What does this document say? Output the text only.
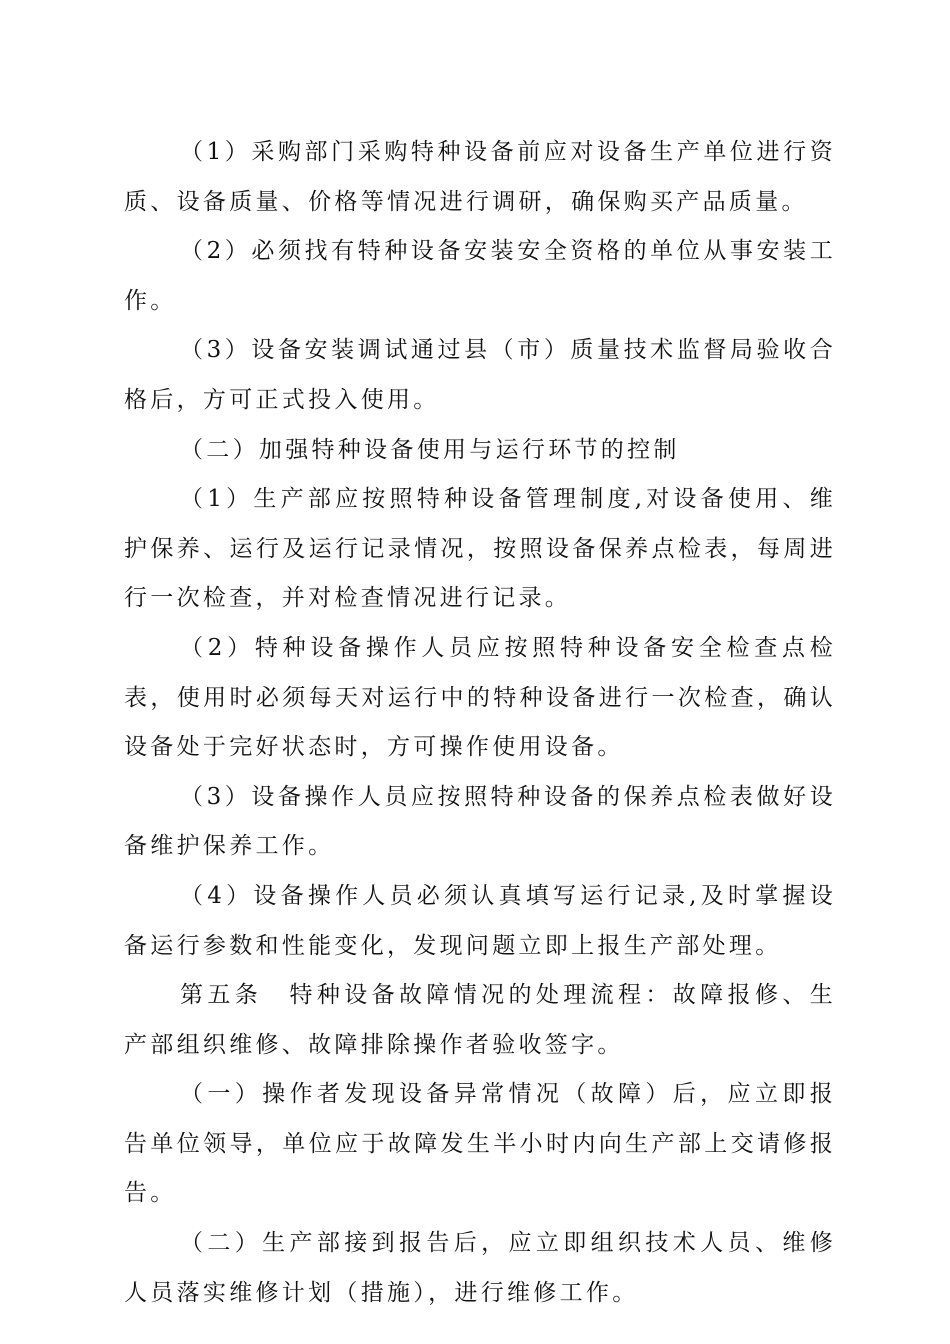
（1）采购部门采购特种设备前应对设备生产单位进行资质、设备质量、价格等情况进行调研，确保购买产品质量。

（2）必须找有特种设备安装安全资格的单位从事安装工作。

（3）设备安装调试通过县（市）质量技术监督局验收合格后，方可正式投入使用。

（二）加强特种设备使用与运行环节的控制

（1）生产部应按照特种设备管理制度,对设备使用、维护保养、运行及运行记录情况，按照设备保养点检表，每周进行一次检查，并对检查情况进行记录。

（2）特种设备操作人员应按照特种设备安全检查点检表，使用时必须每天对运行中的特种设备进行一次检查，确认设备处于完好状态时，方可操作使用设备。

（3）设备操作人员应按照特种设备的保养点检表做好设备维护保养工作。

（4）设备操作人员必须认真填写运行记录,及时掌握设备运行参数和性能变化，发现问题立即上报生产部处理。

第五条　特种设备故障情况的处理流程：故障报修、生产部组织维修、故障排除操作者验收签字。

（一）操作者发现设备异常情况（故障）后，应立即报告单位领导，单位应于故障发生半小时内向生产部上交请修报告。

（二）生产部接到报告后，应立即组织技术人员、维修人员落实维修计划（措施），进行维修工作。
